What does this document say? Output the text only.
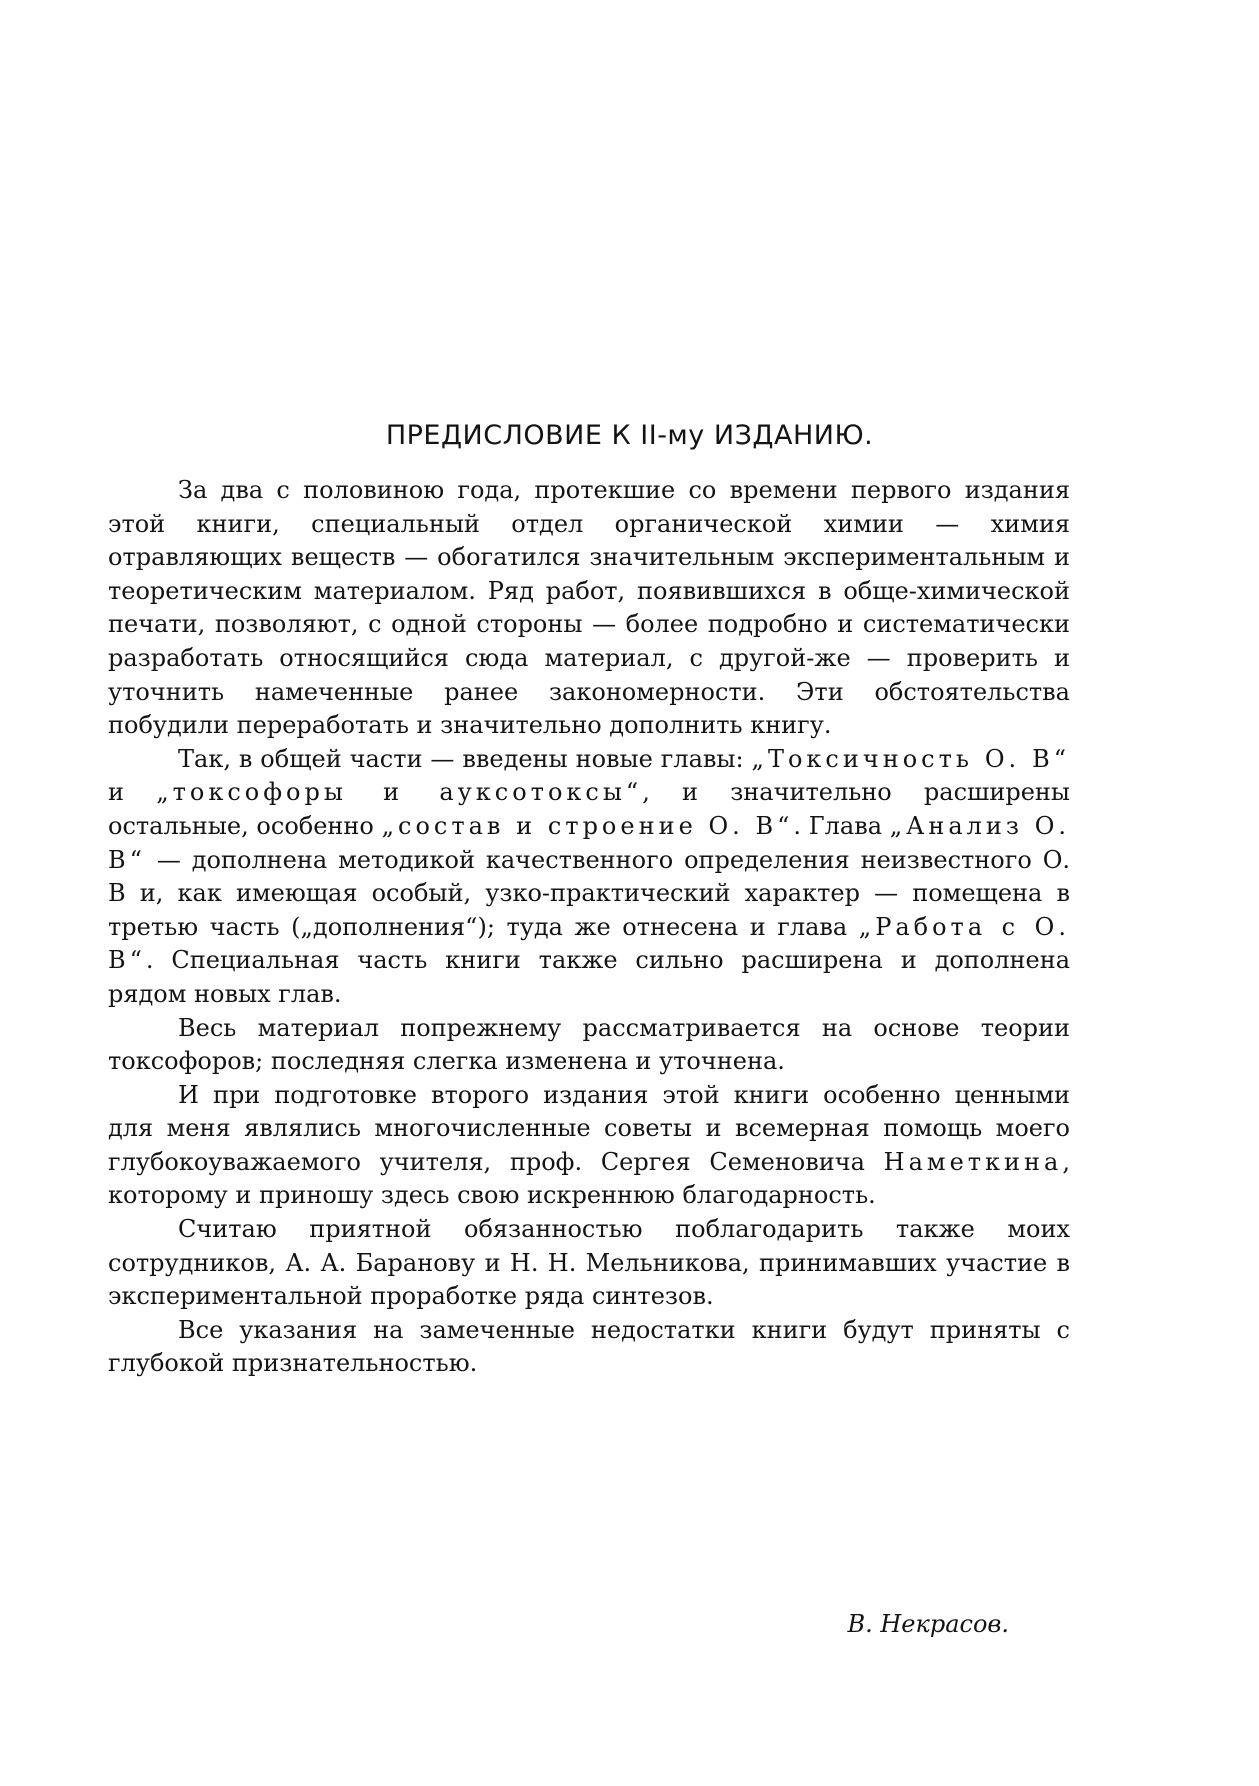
ПРЕДИСЛОВИЕ К II-му ИЗДАНИЮ.

За два с половиною года, протекшие со времени первого издания этой книги, специальный отдел органической химии — химия отравляющих веществ — обогатился значительным экспериментальным и теоретическим материалом. Ряд работ, появившихся в обще-химической печати, позволяют, с одной стороны — более подробно и систематически разработать относящийся сюда материал, с другой-же — проверить и уточнить намеченные ранее закономерности. Эти обстоятельства побудили переработать и значительно дополнить книгу.

Так, в общей части — введены новые главы: „Токсичность О. В“ и „токсофоры и ауксотоксы“, и значительно расширены остальные, особенно „состав и строение О. В“. Глава „Анализ О. В“ — дополнена методикой качественного определения неизвестного О. В и, как имеющая особый, узко-практический характер — помещена в третью часть („дополнения“); туда же отнесена и глава „Работа с О. В“. Специальная часть книги также сильно расширена и дополнена рядом новых глав.

Весь материал попрежнему рассматривается на основе теории токсофоров; последняя слегка изменена и уточнена.

И при подготовке второго издания этой книги особенно ценными для меня являлись многочисленные советы и всемерная помощь моего глубокоуважаемого учителя, проф. Сергея Семеновича Наметкина, которому и приношу здесь свою искреннюю благодарность.

Считаю приятной обязанностью поблагодарить также моих сотрудников, А. А. Баранову и Н. Н. Мельникова, принимавших участие в экспериментальной проработке ряда синтезов.

Все указания на замеченные недостатки книги будут приняты с глубокой признательностью.

В. Некрасов.
